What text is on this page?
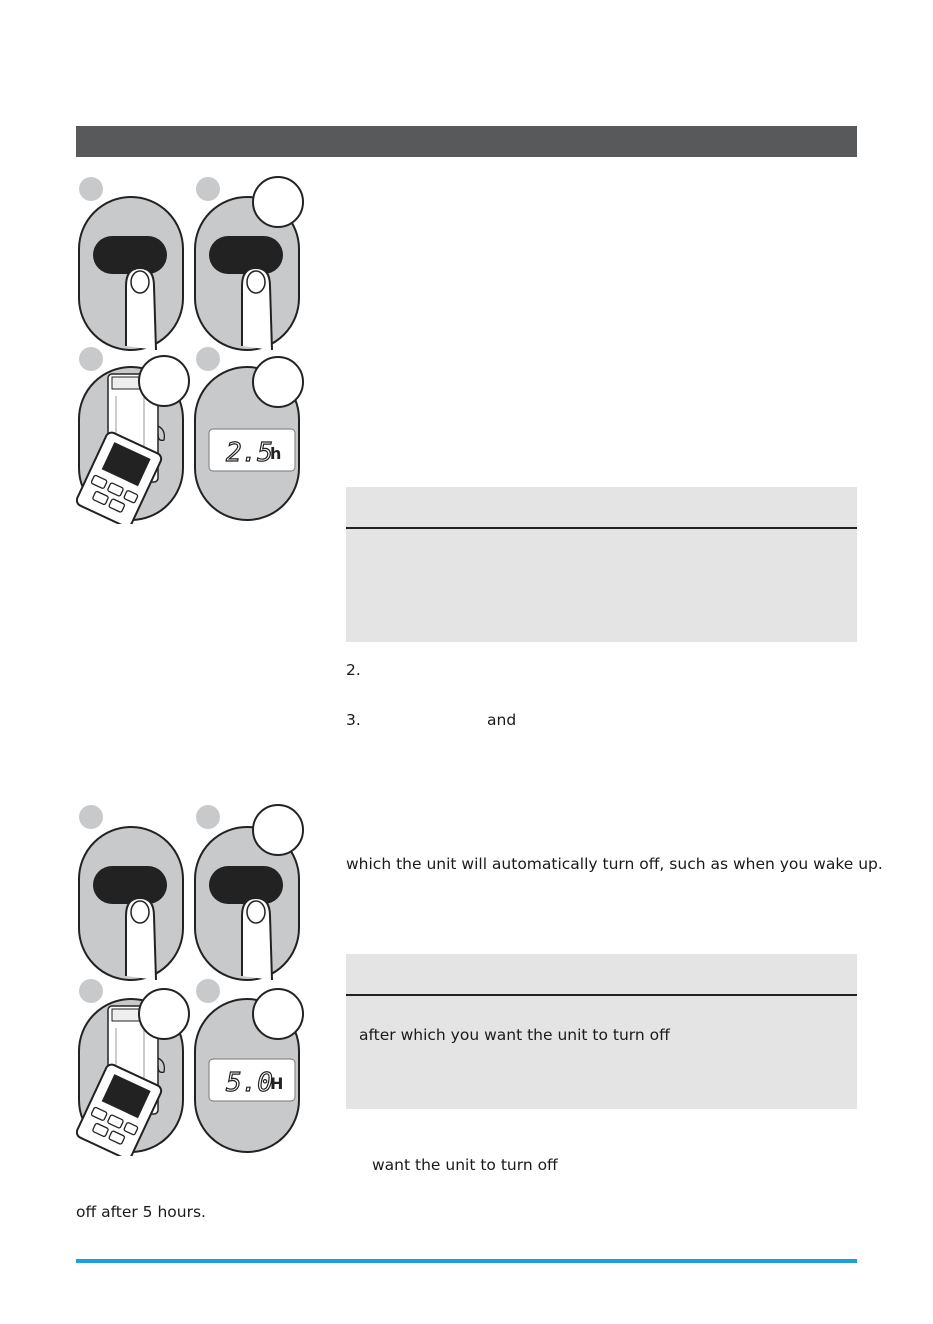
2.5
h
2.
3.	and
5.0
H
which the unit will automatically turn off, such as when you wake up.
after which you want the unit to turn off
want the unit to turn off
off after 5 hours.
